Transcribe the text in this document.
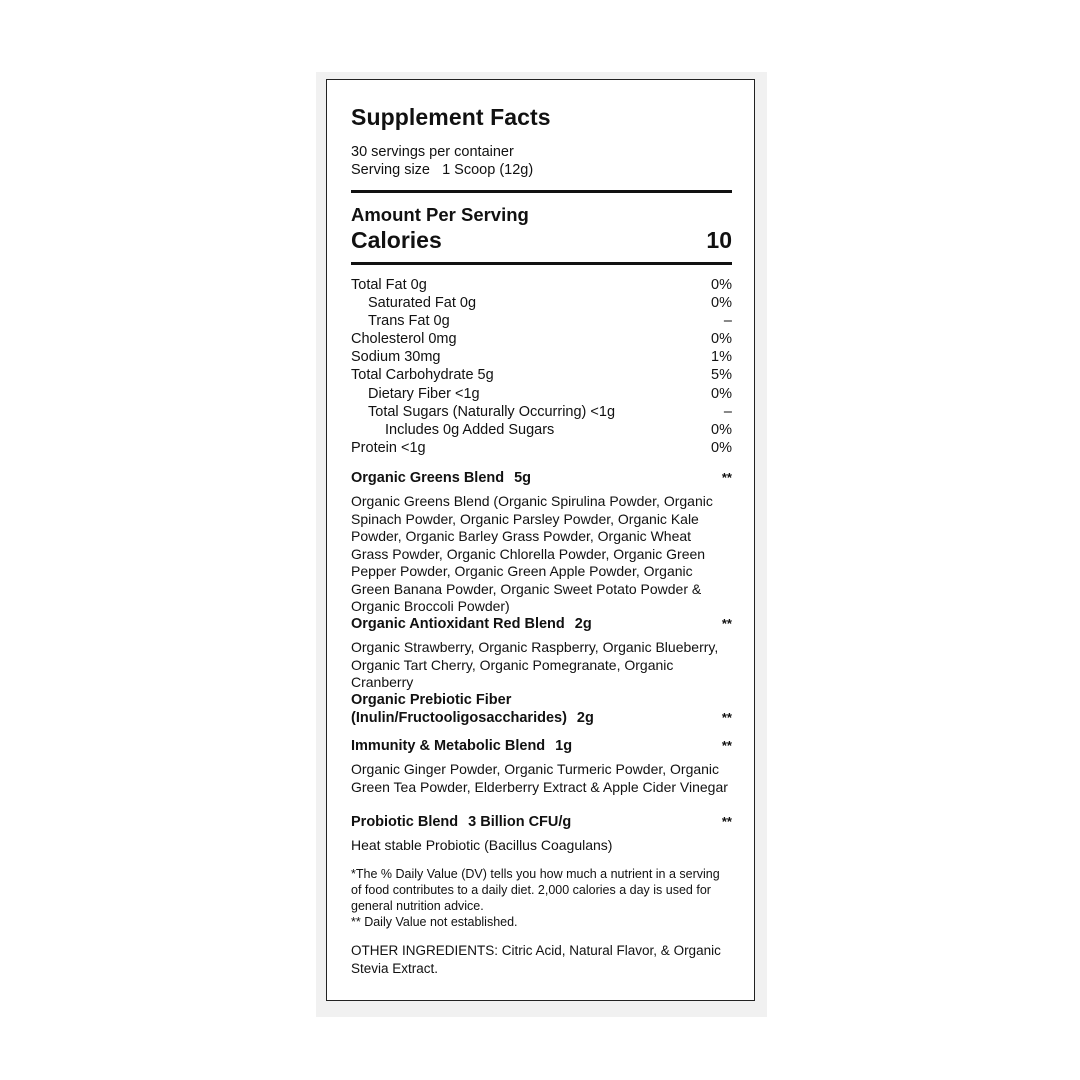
Supplement Facts
30 servings per container
Serving size 1 Scoop (12g)
Amount Per Serving
Calories	10
Total Fat 0g	0%
Saturated Fat 0g	0%
Trans Fat 0g	–
Cholesterol 0mg	0%
Sodium 30mg	1%
Total Carbohydrate 5g	5%
Dietary Fiber <1g	0%
Total Sugars (Naturally Occurring) <1g	–
Includes 0g Added Sugars	0%
Protein <1g	0%
Organic Greens Blend 5g	**
Organic Greens Blend (Organic Spirulina Powder, Organic Spinach Powder, Organic Parsley Powder, Organic Kale Powder, Organic Barley Grass Powder, Organic Wheat Grass Powder, Organic Chlorella Powder, Organic Green Pepper Powder, Organic Green Apple Powder, Organic Green Banana Powder, Organic Sweet Potato Powder & Organic Broccoli Powder)
Organic Antioxidant Red Blend 2g	**
Organic Strawberry, Organic Raspberry, Organic Blueberry, Organic Tart Cherry, Organic Pomegranate, Organic Cranberry
Organic Prebiotic Fiber
(Inulin/Fructooligosaccharides) 2g	**
Immunity & Metabolic Blend 1g	**
Organic Ginger Powder, Organic Turmeric Powder, Organic Green Tea Powder, Elderberry Extract & Apple Cider Vinegar
Probiotic Blend 3 Billion CFU/g	**
Heat stable Probiotic (Bacillus Coagulans)
*The % Daily Value (DV) tells you how much a nutrient in a serving of food contributes to a daily diet. 2,000 calories a day is used for general nutrition advice.
** Daily Value not established.
OTHER INGREDIENTS: Citric Acid, Natural Flavor, & Organic Stevia Extract.
